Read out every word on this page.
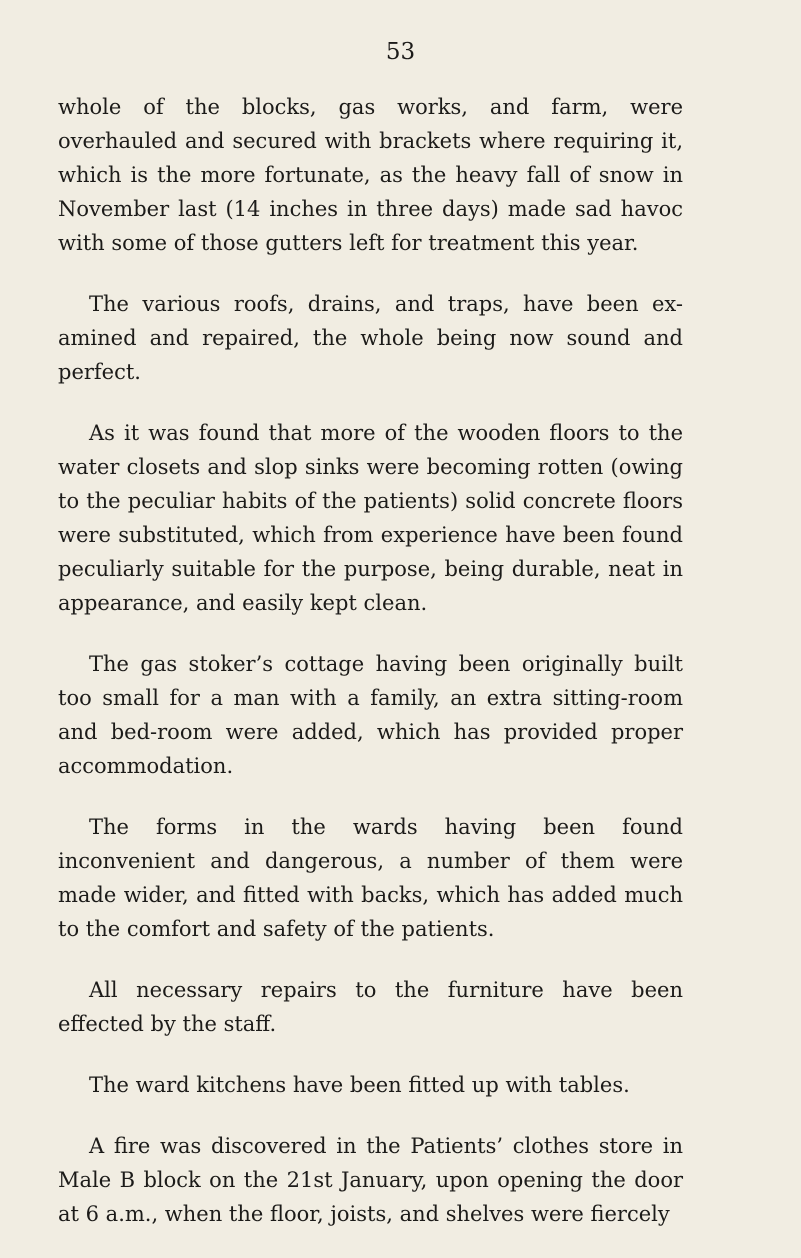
53

whole of the blocks, gas works, and farm, were overhauled and secured with brackets where requiring it, which is the more fortunate, as the heavy fall of snow in November last (14 inches in three days) made sad havoc with some of those gutters left for treatment this year.

The various roofs, drains, and traps, have been ex- amined and repaired, the whole being now sound and perfect.

As it was found that more of the wooden floors to the water closets and slop sinks were becoming rotten (owing to the peculiar habits of the patients) solid concrete floors were substituted, which from experience have been found peculiarly suitable for the purpose, being durable, neat in appearance, and easily kept clean.

The gas stoker’s cottage having been originally built too small for a man with a family, an extra sitting-room and bed-room were added, which has provided proper accommodation.

The forms in the wards having been found inconvenient and dangerous, a number of them were made wider, and fitted with backs, which has added much to the comfort and safety of the patients.

All necessary repairs to the furniture have been effected by the staff.

The ward kitchens have been fitted up with tables.

A fire was discovered in the Patients’ clothes store in Male B block on the 21st January, upon opening the door at 6 a.m., when the floor, joists, and shelves were fiercely
